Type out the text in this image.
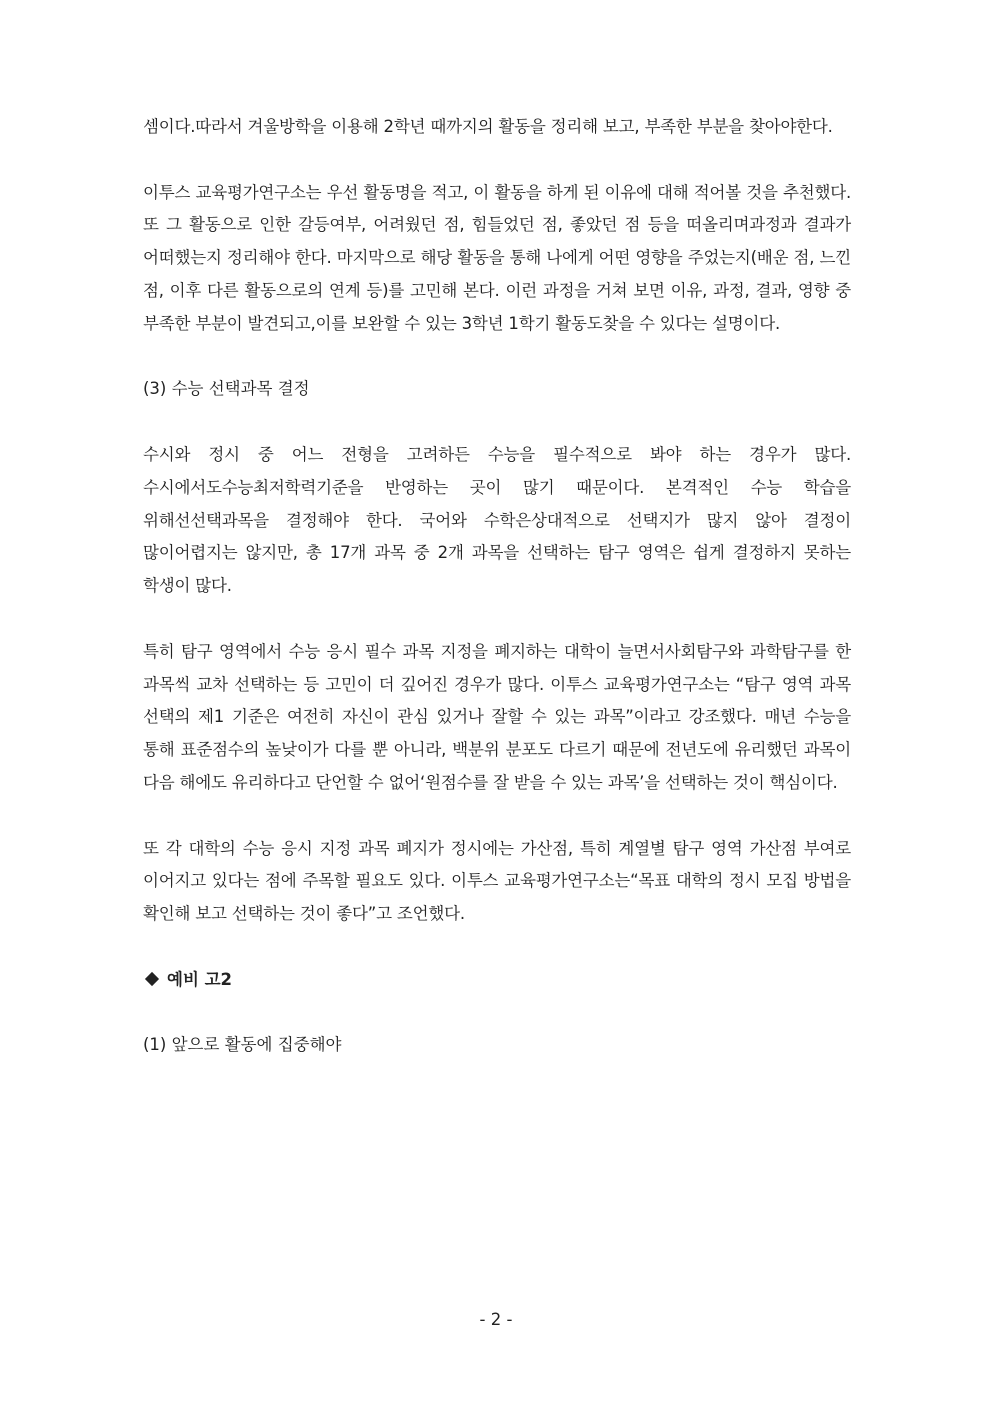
셈이다.따라서 겨울방학을 이용해 2학년 때까지의 활동을 정리해 보고, 부족한 부분을 찾아야한다.

이투스 교육평가연구소는 우선 활동명을 적고, 이 활동을 하게 된 이유에 대해 적어볼 것을 추천했다.또 그 활동으로 인한 갈등여부, 어려웠던 점, 힘들었던 점, 좋았던 점 등을 떠올리며과정과 결과가 어떠했는지 정리해야 한다. 마지막으로 해당 활동을 통해 나에게 어떤 영향을 주었는지(배운 점, 느낀 점, 이후 다른 활동으로의 연계 등)를 고민해 본다. 이런 과정을 거쳐 보면 이유, 과정, 결과, 영향 중 부족한 부분이 발견되고,이를 보완할 수 있는 3학년 1학기 활동도찾을 수 있다는 설명이다.

(3) 수능 선택과목 결정

수시와 정시 중 어느 전형을 고려하든 수능을 필수적으로 봐야 하는 경우가 많다. 수시에서도수능최저학력기준을 반영하는 곳이 많기 때문이다. 본격적인 수능 학습을 위해선선택과목을 결정해야 한다. 국어와 수학은상대적으로 선택지가 많지 않아 결정이 많이어렵지는 않지만, 총 17개 과목 중 2개 과목을 선택하는 탐구 영역은 쉽게 결정하지 못하는 학생이 많다.

특히 탐구 영역에서 수능 응시 필수 과목 지정을 폐지하는 대학이 늘면서사회탐구와 과학탐구를 한 과목씩 교차 선택하는 등 고민이 더 깊어진 경우가 많다. 이투스 교육평가연구소는 “탐구 영역 과목 선택의 제1 기준은 여전히 자신이 관심 있거나 잘할 수 있는 과목”이라고 강조했다. 매년 수능을 통해 표준점수의 높낮이가 다를 뿐 아니라, 백분위 분포도 다르기 때문에 전년도에 유리했던 과목이 다음 해에도 유리하다고 단언할 수 없어‘원점수를 잘 받을 수 있는 과목’을 선택하는 것이 핵심이다.

또 각 대학의 수능 응시 지정 과목 폐지가 정시에는 가산점, 특히 계열별 탐구 영역 가산점 부여로 이어지고 있다는 점에 주목할 필요도 있다. 이투스 교육평가연구소는“목표 대학의 정시 모집 방법을 확인해 보고 선택하는 것이 좋다”고 조언했다.

예비 고2

(1) 앞으로 활동에 집중해야

- 2 -
